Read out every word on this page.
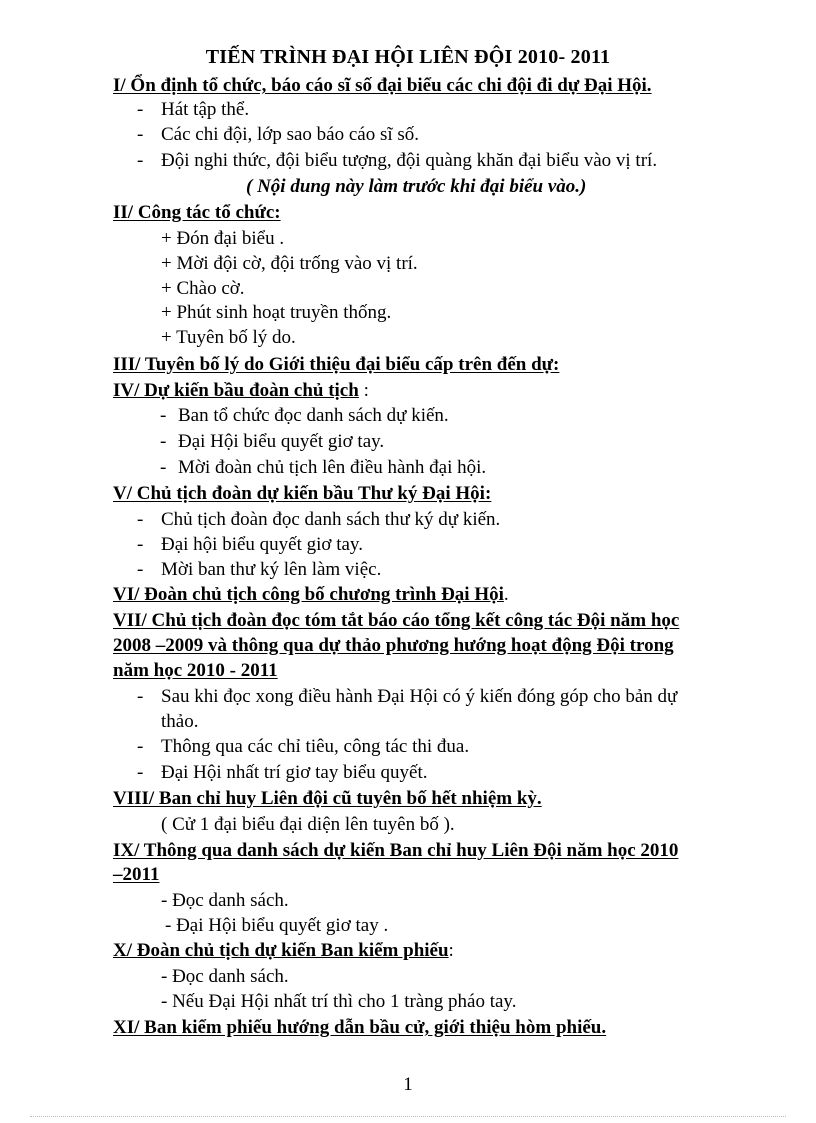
TIẾN TRÌNH ĐẠI HỘI LIÊN ĐỘI 2010- 2011

I/ Ổn định tổ chức, báo cáo sĩ số đại biểu các chi đội đi dự Đại Hội.

- Hát tập thể.

- Các chi đội, lớp sao báo cáo sĩ số.

- Đội nghi thức, đội biểu tượng, đội quàng khăn đại biểu vào vị trí.

( Nội dung này làm trước khi đại biểu vào.)

II/ Công tác tổ chức:

+ Đón đại biểu .

+ Mời đội cờ, đội trống vào vị trí.

+ Chào cờ.

+ Phút sinh hoạt truyền thống.

+ Tuyên bố lý do.

III/ Tuyên bố lý do Giới thiệu đại biểu cấp trên đến dự:

IV/ Dự kiến bầu đoàn chủ tịch :

- Ban tổ chức đọc danh sách dự kiến.

- Đại Hội biểu quyết giơ tay.

- Mời đoàn chủ tịch lên điều hành đại hội.

V/ Chủ tịch đoàn dự kiến bầu Thư ký Đại Hội:

- Chủ tịch đoàn đọc danh sách thư ký dự kiến.

- Đại hội biểu quyết giơ tay.

- Mời ban thư ký lên làm việc.

VI/ Đoàn chủ tịch công bố chương trình Đại Hội.

VII/ Chủ tịch đoàn đọc tóm tắt báo cáo tổng kết công tác Đội năm học

2008 –2009 và thông qua dự thảo phương hướng hoạt động Đội trong

năm học 2010 - 2011

- Sau khi đọc xong điều hành Đại Hội có ý kiến đóng góp cho bản dự

thảo.

- Thông qua các chỉ tiêu, công tác thi đua.

- Đại Hội nhất trí giơ tay biểu quyết.

VIII/ Ban chỉ huy Liên đội cũ tuyên bố hết nhiệm kỳ.

( Cử 1 đại biểu đại diện lên tuyên bố ).

IX/ Thông qua danh sách dự kiến Ban chỉ huy Liên Đội năm học 2010

–2011

- Đọc danh sách.

- Đại Hội biểu quyết giơ tay .

X/ Đoàn chủ tịch dự kiến Ban kiểm phiếu:

- Đọc danh sách.

- Nếu Đại Hội nhất trí thì cho 1 tràng pháo tay.

XI/ Ban kiểm phiếu hướng dẫn bầu cử, giới thiệu hòm phiếu.

1
